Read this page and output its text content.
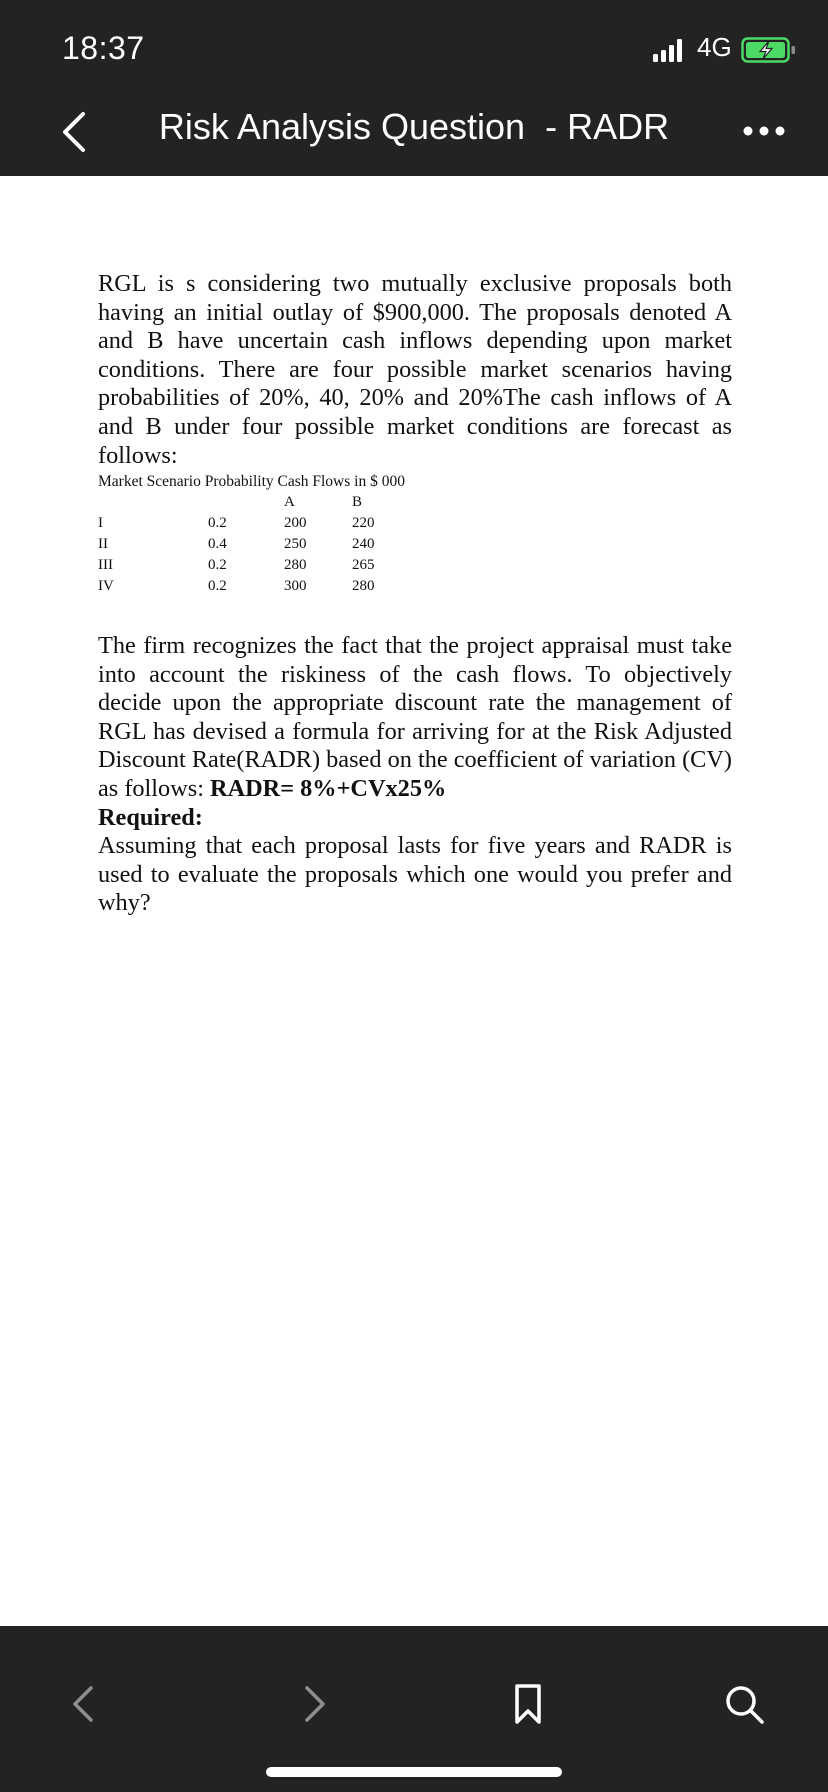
18:37	4G
Risk Analysis Question  - RADR

RGL is s considering two mutually exclusive proposals both having an initial outlay of $900,000. The proposals denoted A and B have uncertain cash inflows depending upon market conditions. There are four possible market scenarios having probabilities of 20%, 40, 20% and 20%The cash inflows of A and B under four possible market conditions are forecast as follows:

Market Scenario Probability Cash Flows in $ 000
A	B
I	0.2	200	220
II	0.4	250	240
III	0.2	280	265
IV	0.2	300	280

The firm recognizes the fact that the project appraisal must take into account the riskiness of the cash flows. To objectively decide upon the appropriate discount rate the management of RGL has devised a formula for arriving for at the Risk Adjusted Discount Rate(RADR) based on the coefficient of variation (CV) as follows: RADR= 8%+CVx25%

Required:

Assuming that each proposal lasts for five years and RADR is used to evaluate the proposals which one would you prefer and why?
